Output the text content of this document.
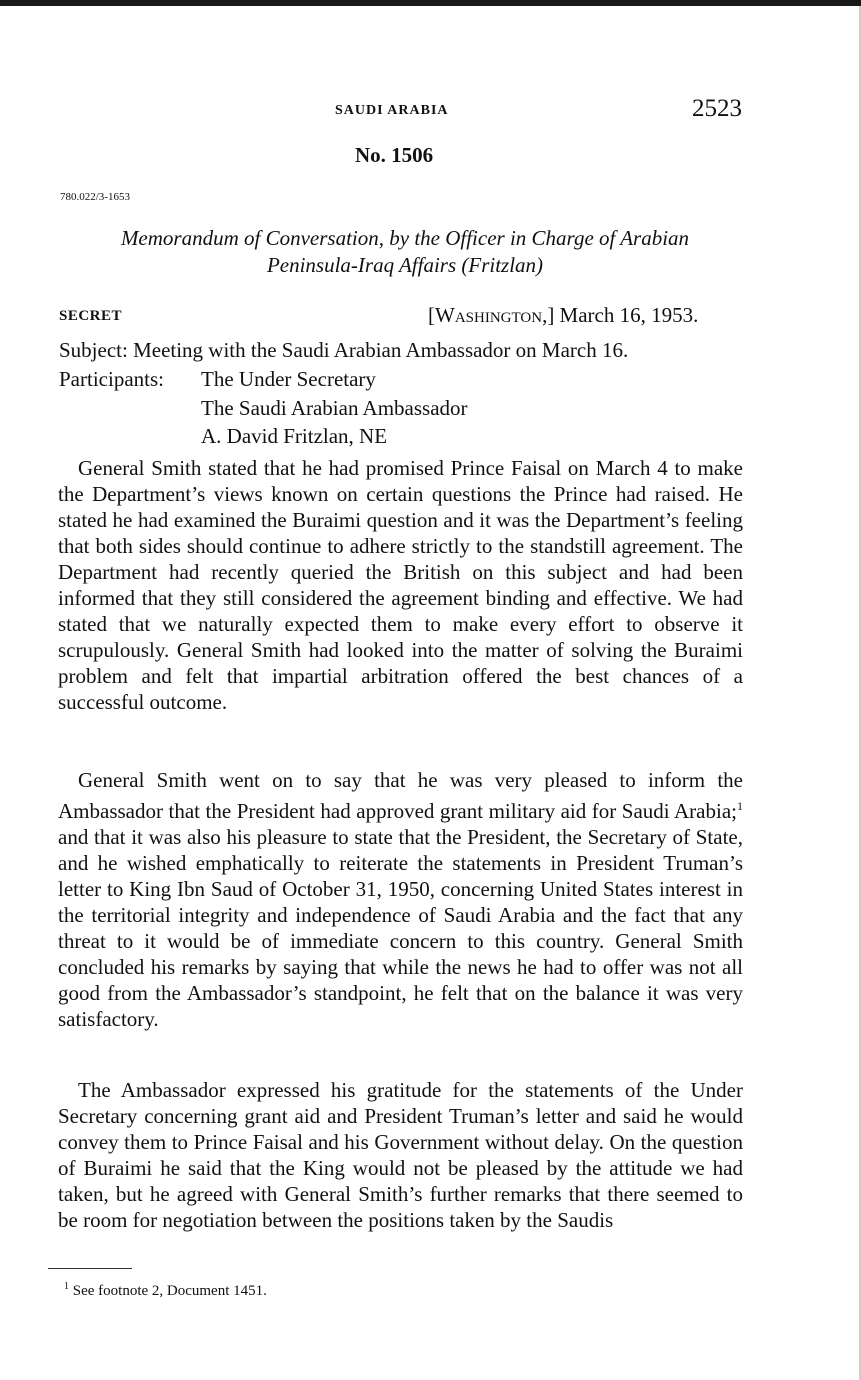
SAUDI ARABIA	2523
No. 1506
780.022/3-1653
Memorandum of Conversation, by the Officer in Charge of Arabian
Peninsula-Iraq Affairs (Fritzlan)
SECRET	[WASHINGTON,] March 16, 1953.
Subject: Meeting with the Saudi Arabian Ambassador on March 16.
Participants: The Under Secretary
The Saudi Arabian Ambassador
A. David Fritzlan, NE

General Smith stated that he had promised Prince Faisal on March 4 to make the Department’s views known on certain questions the Prince had raised. He stated he had examined the Buraimi question and it was the Department’s feeling that both sides should continue to adhere strictly to the standstill agreement. The Department had recently queried the British on this subject and had been informed that they still considered the agreement binding and effective. We had stated that we naturally expected them to make every effort to observe it scrupulously. General Smith had looked into the matter of solving the Buraimi problem and felt that impartial arbitration offered the best chances of a successful outcome.

General Smith went on to say that he was very pleased to inform the Ambassador that the President had approved grant military aid for Saudi Arabia;$^1$ and that it was also his pleasure to state that the President, the Secretary of State, and he wished emphatically to reiterate the statements in President Truman’s letter to King Ibn Saud of October 31, 1950, concerning United States interest in the territorial integrity and independence of Saudi Arabia and the fact that any threat to it would be of immediate concern to this country. General Smith concluded his remarks by saying that while the news he had to offer was not all good from the Ambassador’s standpoint, he felt that on the balance it was very satisfactory.

The Ambassador expressed his gratitude for the statements of the Under Secretary concerning grant aid and President Truman’s letter and said he would convey them to Prince Faisal and his Government without delay. On the question of Buraimi he said that the King would not be pleased by the attitude we had taken, but he agreed with General Smith’s further remarks that there seemed to be room for negotiation between the positions taken by the Saudis

$^1$ See footnote 2, Document 1451.
